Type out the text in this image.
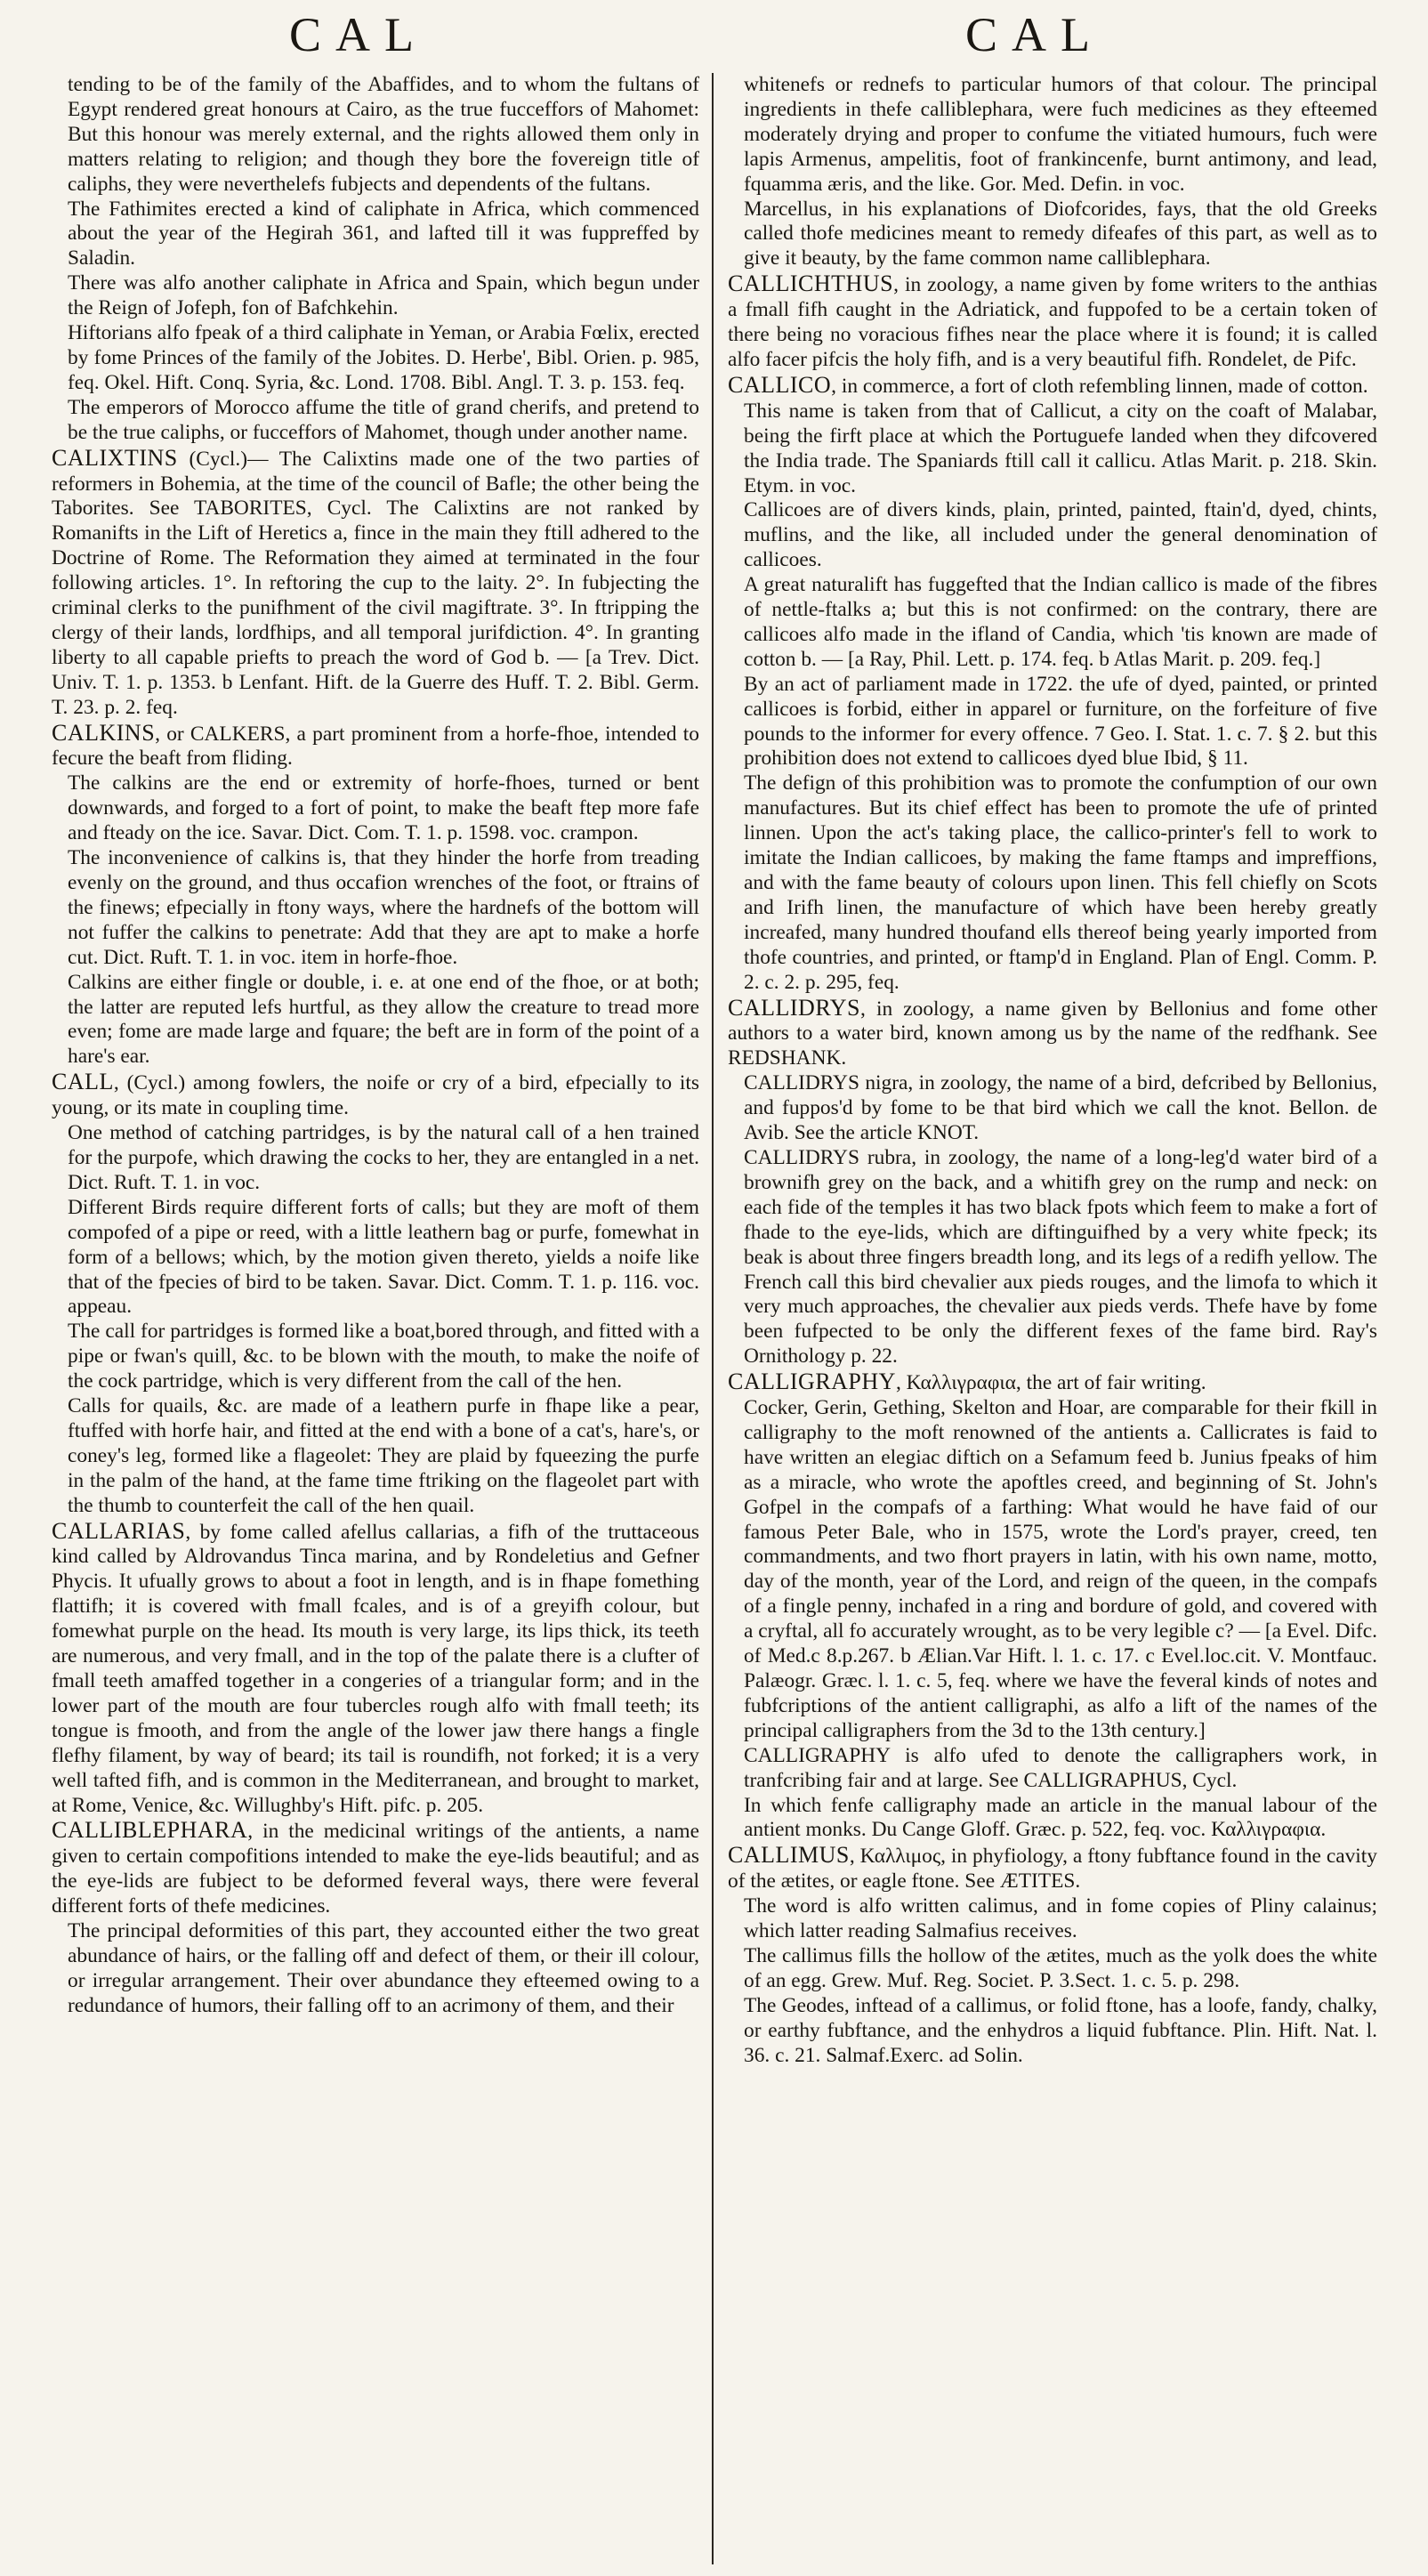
CAL	CAL

tending to be of the family of the Abaffides, and to whom the fultans of Egypt rendered great honours at Cairo, as the true fucceffors of Mahomet: But this honour was merely external, and the rights allowed them only in matters relating to religion; and though they bore the fovereign title of caliphs, they were neverthelefs fubjects and dependents of the fultans.

The Fathimites erected a kind of caliphate in Africa, which commenced about the year of the Hegirah 361, and lafted till it was fuppreffed by Saladin.

There was alfo another caliphate in Africa and Spain, which begun under the Reign of Jofeph, fon of Bafchkehin.

Hiftorians alfo fpeak of a third caliphate in Yeman, or Arabia Fœlix, erected by fome Princes of the family of the Jobites. D. Herbe', Bibl. Orien. p. 985, feq. Okel. Hift. Conq. Syria, &c. Lond. 1708. Bibl. Angl. T. 3. p. 153. feq.

The emperors of Morocco affume the title of grand cherifs, and pretend to be the true caliphs, or fucceffors of Mahomet, though under another name.

CALIXTINS (Cycl.)— The Calixtins made one of the two parties of reformers in Bohemia, at the time of the council of Bafle; the other being the Taborites. See TABORITES, Cycl. The Calixtins are not ranked by Romanifts in the Lift of Heretics a, fince in the main they ftill adhered to the Doctrine of Rome. The Reformation they aimed at terminated in the four following articles. 1°. In reftoring the cup to the laity. 2°. In fubjecting the criminal clerks to the punifhment of the civil magiftrate. 3°. In ftripping the clergy of their lands, lordfhips, and all temporal jurifdiction. 4°. In granting liberty to all capable priefts to preach the word of God b. — [a Trev. Dict. Univ. T. 1. p. 1353. b Lenfant. Hift. de la Guerre des Huff. T. 2. Bibl. Germ. T. 23. p. 2. feq.

CALKINS, or CALKERS, a part prominent from a horfe-fhoe, intended to fecure the beaft from fliding.

The calkins are the end or extremity of horfe-fhoes, turned or bent downwards, and forged to a fort of point, to make the beaft ftep more fafe and fteady on the ice. Savar. Dict. Com. T. 1. p. 1598. voc. crampon.

The inconvenience of calkins is, that they hinder the horfe from treading evenly on the ground, and thus occafion wrenches of the foot, or ftrains of the finews; efpecially in ftony ways, where the hardnefs of the bottom will not fuffer the calkins to penetrate: Add that they are apt to make a horfe cut. Dict. Ruft. T. 1. in voc. item in horfe-fhoe.

Calkins are either fingle or double, i. e. at one end of the fhoe, or at both; the latter are reputed lefs hurtful, as they allow the creature to tread more even; fome are made large and fquare; the beft are in form of the point of a hare's ear.

CALL, (Cycl.) among fowlers, the noife or cry of a bird, efpecially to its young, or its mate in coupling time.

One method of catching partridges, is by the natural call of a hen trained for the purpofe, which drawing the cocks to her, they are entangled in a net. Dict. Ruft. T. 1. in voc.

Different Birds require different forts of calls; but they are moft of them compofed of a pipe or reed, with a little leathern bag or purfe, fomewhat in form of a bellows; which, by the motion given thereto, yields a noife like that of the fpecies of bird to be taken. Savar. Dict. Comm. T. 1. p. 116. voc. appeau.

The call for partridges is formed like a boat,bored through, and fitted with a pipe or fwan's quill, &c. to be blown with the mouth, to make the noife of the cock partridge, which is very different from the call of the hen.

Calls for quails, &c. are made of a leathern purfe in fhape like a pear, ftuffed with horfe hair, and fitted at the end with a bone of a cat's, hare's, or coney's leg, formed like a flageolet: They are plaid by fqueezing the purfe in the palm of the hand, at the fame time ftriking on the flageolet part with the thumb to counterfeit the call of the hen quail.

CALLARIAS, by fome called afellus callarias, a fifh of the truttaceous kind called by Aldrovandus Tinca marina, and by Rondeletius and Gefner Phycis. It ufually grows to about a foot in length, and is in fhape fomething flattifh; it is covered with fmall fcales, and is of a greyifh colour, but fomewhat purple on the head. Its mouth is very large, its lips thick, its teeth are numerous, and very fmall, and in the top of the palate there is a clufter of fmall teeth amaffed together in a congeries of a triangular form; and in the lower part of the mouth are four tubercles rough alfo with fmall teeth; its tongue is fmooth, and from the angle of the lower jaw there hangs a fingle flefhy filament, by way of beard; its tail is roundifh, not forked; it is a very well tafted fifh, and is common in the Mediterranean, and brought to market, at Rome, Venice, &c. Willughby's Hift. pifc. p. 205.

CALLIBLEPHARA, in the medicinal writings of the antients, a name given to certain compofitions intended to make the eye-lids beautiful; and as the eye-lids are fubject to be deformed feveral ways, there were feveral different forts of thefe medicines.

The principal deformities of this part, they accounted either the two great abundance of hairs, or the falling off and defect of them, or their ill colour, or irregular arrangement. Their over abundance they efteemed owing to a redundance of humors, their falling off to an acrimony of them, and their

whitenefs or rednefs to particular humors of that colour. The principal ingredients in thefe calliblephara, were fuch medicines as they efteemed moderately drying and proper to confume the vitiated humours, fuch were lapis Armenus, ampelitis, foot of frankincenfe, burnt antimony, and lead, fquamma æris, and the like. Gor. Med. Defin. in voc.

Marcellus, in his explanations of Diofcorides, fays, that the old Greeks called thofe medicines meant to remedy difeafes of this part, as well as to give it beauty, by the fame common name calliblephara.

CALLICHTHUS, in zoology, a name given by fome writers to the anthias a fmall fifh caught in the Adriatick, and fuppofed to be a certain token of there being no voracious fifhes near the place where it is found; it is called alfo facer pifcis the holy fifh, and is a very beautiful fifh. Rondelet, de Pifc.

CALLICO, in commerce, a fort of cloth refembling linnen, made of cotton.

This name is taken from that of Callicut, a city on the coaft of Malabar, being the firft place at which the Portuguefe landed when they difcovered the India trade. The Spaniards ftill call it callicu. Atlas Marit. p. 218. Skin. Etym. in voc.

Callicoes are of divers kinds, plain, printed, painted, ftain'd, dyed, chints, muflins, and the like, all included under the general denomination of callicoes.

A great naturalift has fuggefted that the Indian callico is made of the fibres of nettle-ftalks a; but this is not confirmed: on the contrary, there are callicoes alfo made in the ifland of Candia, which 'tis known are made of cotton b. — [a Ray, Phil. Lett. p. 174. feq. b Atlas Marit. p. 209. feq.]

By an act of parliament made in 1722. the ufe of dyed, painted, or printed callicoes is forbid, either in apparel or furniture, on the forfeiture of five pounds to the informer for every offence. 7 Geo. I. Stat. 1. c. 7. § 2. but this prohibition does not extend to callicoes dyed blue Ibid, § 11.

The defign of this prohibition was to promote the confumption of our own manufactures. But its chief effect has been to promote the ufe of printed linnen. Upon the act's taking place, the callico-printer's fell to work to imitate the Indian callicoes, by making the fame ftamps and impreffions, and with the fame beauty of colours upon linen. This fell chiefly on Scots and Irifh linen, the manufacture of which have been hereby greatly increafed, many hundred thoufand ells thereof being yearly imported from thofe countries, and printed, or ftamp'd in England. Plan of Engl. Comm. P. 2. c. 2. p. 295, feq.

CALLIDRYS, in zoology, a name given by Bellonius and fome other authors to a water bird, known among us by the name of the redfhank. See REDSHANK.

CALLIDRYS nigra, in zoology, the name of a bird, defcribed by Bellonius, and fuppos'd by fome to be that bird which we call the knot. Bellon. de Avib. See the article KNOT.

CALLIDRYS rubra, in zoology, the name of a long-leg'd water bird of a brownifh grey on the back, and a whitifh grey on the rump and neck: on each fide of the temples it has two black fpots which feem to make a fort of fhade to the eye-lids, which are diftinguifhed by a very white fpeck; its beak is about three fingers breadth long, and its legs of a redifh yellow. The French call this bird chevalier aux pieds rouges, and the limofa to which it very much approaches, the chevalier aux pieds verds. Thefe have by fome been fufpected to be only the different fexes of the fame bird. Ray's Ornithology p. 22.

CALLIGRAPHY, Καλλιγραφια, the art of fair writing.

Cocker, Gerin, Gething, Skelton and Hoar, are comparable for their fkill in calligraphy to the moft renowned of the antients a. Callicrates is faid to have written an elegiac diftich on a Sefamum feed b. Junius fpeaks of him as a miracle, who wrote the apoftles creed, and beginning of St. John's Gofpel in the compafs of a farthing: What would he have faid of our famous Peter Bale, who in 1575, wrote the Lord's prayer, creed, ten commandments, and two fhort prayers in latin, with his own name, motto, day of the month, year of the Lord, and reign of the queen, in the compafs of a fingle penny, inchafed in a ring and bordure of gold, and covered with a cryftal, all fo accurately wrought, as to be very legible c? — [a Evel. Difc. of Med.c 8.p.267. b Ælian.Var Hift. l. 1. c. 17. c Evel.loc.cit. V. Montfauc. Palæogr. Græc. l. 1. c. 5, feq. where we have the feveral kinds of notes and fubfcriptions of the antient calligraphi, as alfo a lift of the names of the principal calligraphers from the 3d to the 13th century.]

CALLIGRAPHY is alfo ufed to denote the calligraphers work, in tranfcribing fair and at large. See CALLIGRAPHUS, Cycl.

In which fenfe calligraphy made an article in the manual labour of the antient monks. Du Cange Gloff. Græc. p. 522, feq. voc. Καλλιγραφια.

CALLIMUS, Καλλιμος, in phyfiology, a ftony fubftance found in the cavity of the ætites, or eagle ftone. See ÆTITES.

The word is alfo written calimus, and in fome copies of Pliny calainus; which latter reading Salmafius receives.

The callimus fills the hollow of the ætites, much as the yolk does the white of an egg. Grew. Muf. Reg. Societ. P. 3.Sect. 1. c. 5. p. 298.

The Geodes, inftead of a callimus, or folid ftone, has a loofe, fandy, chalky, or earthy fubftance, and the enhydros a liquid fubftance. Plin. Hift. Nat. l. 36. c. 21. Salmaf.Exerc. ad Solin.
